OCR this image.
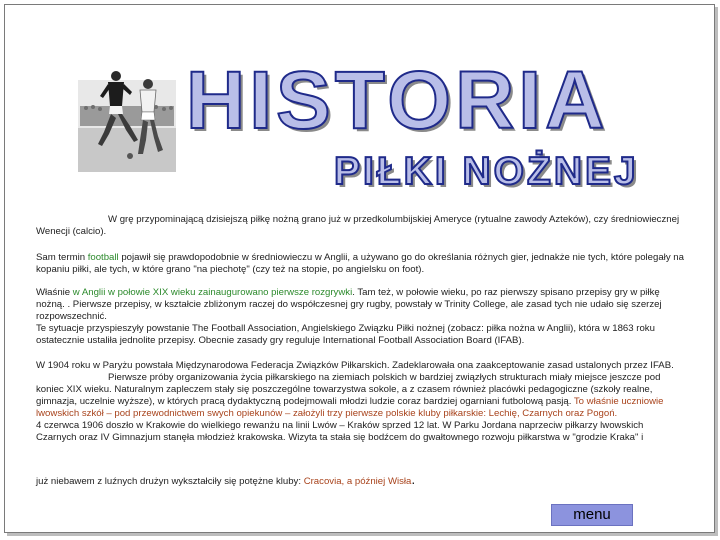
HISTORIA
PIŁKI NOŻNEJ

W grę przypominającą dzisiejszą piłkę nożną grano już w przedkolumbijskiej Ameryce (rytualne zawody Azteków), czy średniowiecznej Wenecji (calcio).

Sam termin football pojawił się prawdopodobnie w średniowieczu w Anglii, a używano go do określania różnych gier, jednakże nie tych, które polegały na kopaniu piłki, ale tych, w które grano "na piechotę" (czy też na stopie, po angielsku on foot).

Właśnie w Anglii w połowie XIX wieku zainaugurowano pierwsze rozgrywki. Tam też, w połowie wieku, po raz pierwszy spisano przepisy gry w piłkę nożną. . Pierwsze przepisy, w kształcie zbliżonym raczej do współczesnej gry rugby, powstały w Trinity College, ale zasad tych nie udało się szerzej rozpowszechnić.
Te sytuacje przyspieszyły powstanie The Football Association, Angielskiego Związku Piłki nożnej (zobacz: piłka nożna w Anglii), która w 1863 roku ostatecznie ustaliła jednolite przepisy. Obecnie zasady gry reguluje International Football Association Board (IFAB).
W 1904 roku w Paryżu powstała Międzynarodowa Federacja Związków Piłkarskich. Zadeklarowała ona zaakceptowanie zasad ustalonych przez IFAB.
Pierwsze próby organizowania życia piłkarskiego na ziemiach polskich w bardziej związłych strukturach miały miejsce jeszcze pod koniec XIX wieku. Naturalnym zapleczem stały się poszczególne towarzystwa sokole, a z czasem również placówki pedagogiczne (szkoły realne, gimnazja, uczelnie wyższe), w których pracą dydaktyczną podejmowali młodzi ludzie coraz bardziej ogarniani futbolową pasją. To właśnie uczniowie lwowskich szkół – pod przewodnictwem swych opiekunów – założyli trzy pierwsze polskie kluby piłkarskie: Lechię, Czarnych oraz Pogoń.
4 czerwca 1906 doszło w Krakowie do wielkiego rewanżu na linii Lwów – Kraków sprzed 12 lat. W Parku Jordana naprzeciw piłkarzy lwowskich Czarnych oraz IV Gimnazjum stanęła młodzież krakowska. Wizyta ta stała się bodźcem do gwałtownego rozwoju piłkarstwa w "grodzie Kraka" i

już niebawem z luźnych drużyn wykształciły się potężne kluby: Cracovia, a później Wisła.

menu
